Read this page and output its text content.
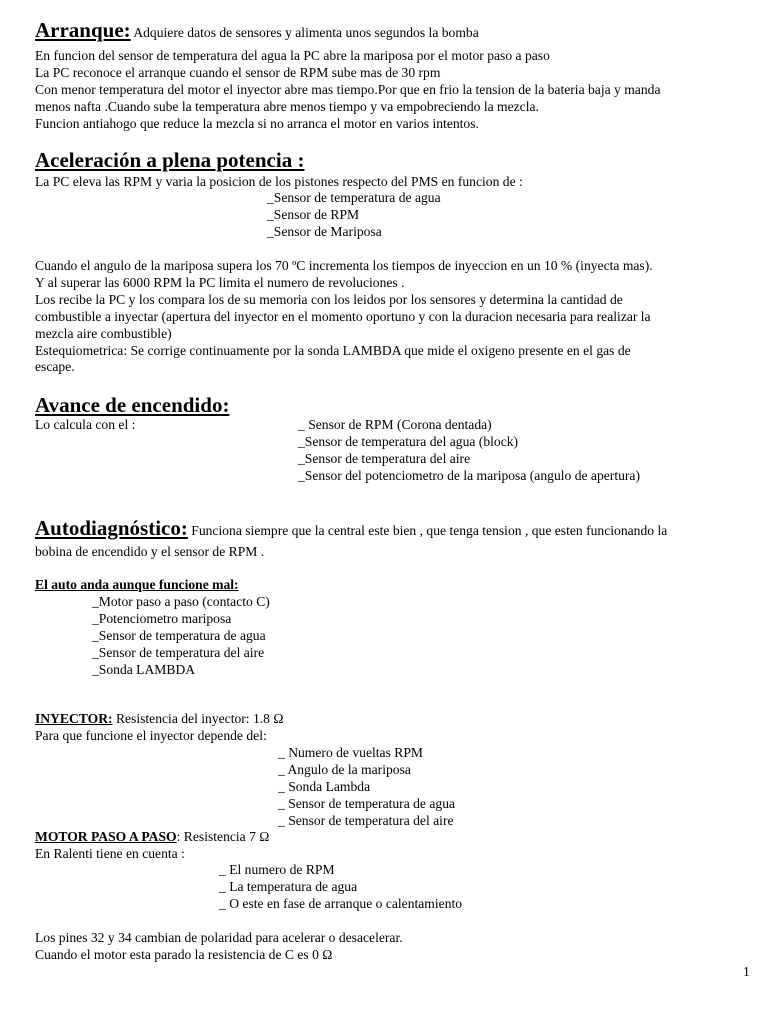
Arranque: Adquiere datos de sensores y alimenta unos segundos la bomba
En funcion del sensor de temperatura del agua la PC abre la mariposa por el motor paso a paso
La PC reconoce el arranque cuando el sensor de RPM sube mas de 30 rpm
Con menor temperatura del motor el inyector abre mas tiempo.Por que en frio la tension de la bateria baja y manda
menos nafta .Cuando sube la temperatura abre menos tiempo y va empobreciendo la mezcla.
Funcion antiahogo que reduce la mezcla si no arranca el motor en varios intentos.
Aceleración a plena potencia :
La PC eleva las RPM y varia la posicion de los pistones respecto del PMS en funcion de :
_Sensor de temperatura de agua
_Sensor de RPM
_Sensor de Mariposa
Cuando el angulo de la mariposa supera los 70 ºC incrementa los tiempos de inyeccion en un 10 % (inyecta mas).
Y al superar las 6000 RPM la PC limita el numero de revoluciones .
Los recibe la PC y los compara los de su memoria con los leidos por los sensores y determina la cantidad de
combustible a inyectar (apertura del inyector en el momento oportuno y con la duracion necesaria para realizar la
mezcla aire combustible)
Estequiometrica: Se corrige continuamente por la sonda LAMBDA que mide el oxigeno presente en el gas de
escape.
Avance de encendido:
Lo calcula con el :	_ Sensor de RPM (Corona dentada)
_Sensor de temperatura del agua (block)
_Sensor de temperatura del aire
_Sensor del potenciometro de la mariposa (angulo de apertura)
Autodiagnóstico: Funciona siempre que la central este bien , que tenga tension , que esten funcionando la
bobina de encendido y el sensor de RPM .
El auto anda aunque funcione mal:
_Motor paso a paso (contacto C)
_Potenciometro mariposa
_Sensor de temperatura de agua
_Sensor de temperatura del aire
_Sonda LAMBDA
INYECTOR: Resistencia del inyector: 1.8 Ω
Para que funcione el inyector depende del:
_ Numero de vueltas RPM
_ Angulo de la mariposa
_ Sonda Lambda
_ Sensor de temperatura de agua
_ Sensor de temperatura del aire
MOTOR PASO A PASO: Resistencia 7 Ω
En Ralenti tiene en cuenta :
_ El numero de RPM
_ La temperatura de agua
_ O este en fase de arranque o calentamiento
Los pines 32 y 34 cambian de polaridad para acelerar o desacelerar.
Cuando el motor esta parado la resistencia de C es 0 Ω
1
